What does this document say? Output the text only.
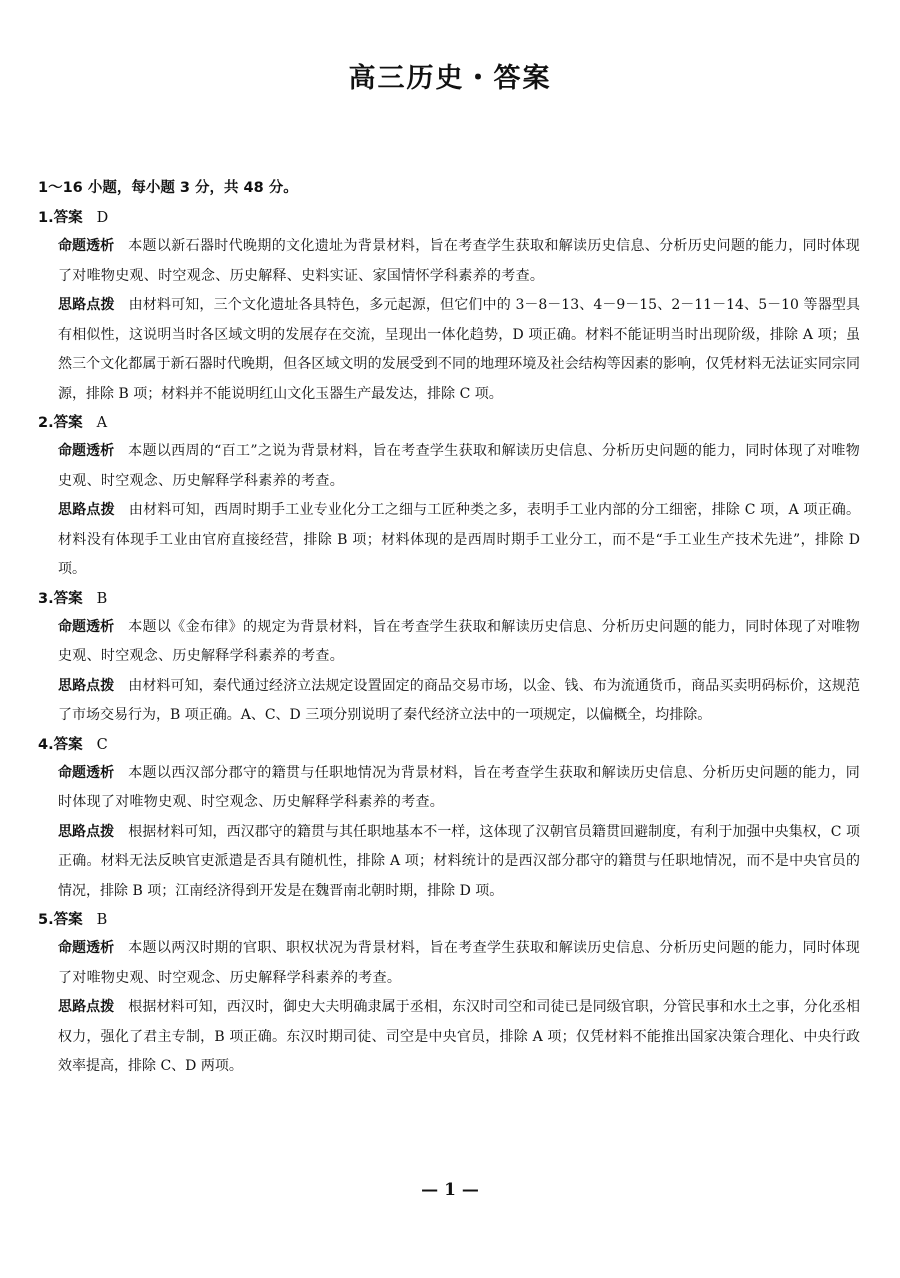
高三历史・答案
1～16 小题，每小题 3 分，共 48 分。
1.答案 D

命题透析 本题以新石器时代晚期的文化遗址为背景材料，旨在考查学生获取和解读历史信息、分析历史问题的能力，同时体现了对唯物史观、时空观念、历史解释、史料实证、家国情怀学科素养的考查。

思路点拨 由材料可知，三个文化遗址各具特色，多元起源，但它们中的 3－8－13、4－9－15、2－11－14、5－10 等器型具有相似性，这说明当时各区域文明的发展存在交流，呈现出一体化趋势，D 项正确。材料不能证明当时出现阶级，排除 A 项；虽然三个文化都属于新石器时代晚期，但各区域文明的发展受到不同的地理环境及社会结构等因素的影响，仅凭材料无法证实同宗同源，排除 B 项；材料并不能说明红山文化玉器生产最发达，排除 C 项。

2.答案 A

命题透析 本题以西周的“百工”之说为背景材料，旨在考查学生获取和解读历史信息、分析历史问题的能力，同时体现了对唯物史观、时空观念、历史解释学科素养的考查。

思路点拨 由材料可知，西周时期手工业专业化分工之细与工匠种类之多，表明手工业内部的分工细密，排除 C 项，A 项正确。材料没有体现手工业由官府直接经营，排除 B 项；材料体现的是西周时期手工业分工，而不是“手工业生产技术先进”，排除 D 项。

3.答案 B

命题透析 本题以《金布律》的规定为背景材料，旨在考查学生获取和解读历史信息、分析历史问题的能力，同时体现了对唯物史观、时空观念、历史解释学科素养的考查。

思路点拨 由材料可知，秦代通过经济立法规定设置固定的商品交易市场，以金、钱、布为流通货币，商品买卖明码标价，这规范了市场交易行为，B 项正确。A、C、D 三项分别说明了秦代经济立法中的一项规定，以偏概全，均排除。

4.答案 C

命题透析 本题以西汉部分郡守的籍贯与任职地情况为背景材料，旨在考查学生获取和解读历史信息、分析历史问题的能力，同时体现了对唯物史观、时空观念、历史解释学科素养的考查。

思路点拨 根据材料可知，西汉郡守的籍贯与其任职地基本不一样，这体现了汉朝官员籍贯回避制度，有利于加强中央集权，C 项正确。材料无法反映官吏派遣是否具有随机性，排除 A 项；材料统计的是西汉部分郡守的籍贯与任职地情况，而不是中央官员的情况，排除 B 项；江南经济得到开发是在魏晋南北朝时期，排除 D 项。

5.答案 B

命题透析 本题以两汉时期的官职、职权状况为背景材料，旨在考查学生获取和解读历史信息、分析历史问题的能力，同时体现了对唯物史观、时空观念、历史解释学科素养的考查。

思路点拨 根据材料可知，西汉时，御史大夫明确隶属于丞相，东汉时司空和司徒已是同级官职，分管民事和水土之事，分化丞相权力，强化了君主专制，B 项正确。东汉时期司徒、司空是中央官员，排除 A 项；仅凭材料不能推出国家决策合理化、中央行政效率提高，排除 C、D 两项。

— 1 —
